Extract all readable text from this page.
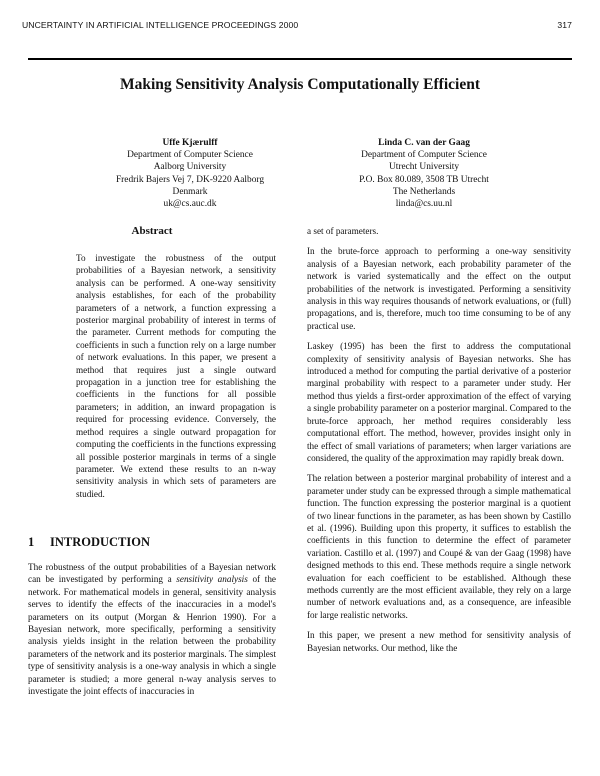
UNCERTAINTY IN ARTIFICIAL INTELLIGENCE PROCEEDINGS 2000	317
Making Sensitivity Analysis Computationally Efficient
Uffe Kjærulff
Department of Computer Science
Aalborg University
Fredrik Bajers Vej 7, DK-9220 Aalborg
Denmark
uk@cs.auc.dk
Linda C. van der Gaag
Department of Computer Science
Utrecht University
P.O. Box 80.089, 3508 TB Utrecht
The Netherlands
linda@cs.uu.nl
Abstract
To investigate the robustness of the output probabilities of a Bayesian network, a sensitivity analysis can be performed. A one-way sensitivity analysis establishes, for each of the probability parameters of a network, a function expressing a posterior marginal probability of interest in terms of the parameter. Current methods for computing the coefficients in such a function rely on a large number of network evaluations. In this paper, we present a method that requires just a single outward propagation in a junction tree for establishing the coefficients in the functions for all possible parameters; in addition, an inward propagation is required for processing evidence. Conversely, the method requires a single outward propagation for computing the coefficients in the functions expressing all possible posterior marginals in terms of a single parameter. We extend these results to an n-way sensitivity analysis in which sets of parameters are studied.
1 INTRODUCTION
The robustness of the output probabilities of a Bayesian network can be investigated by performing a sensitivity analysis of the network. For mathematical models in general, sensitivity analysis serves to identify the effects of the inaccuracies in a model's parameters on its output (Morgan & Henrion 1990). For a Bayesian network, more specifically, performing a sensitivity analysis yields insight in the relation between the probability parameters of the network and its posterior marginals. The simplest type of sensitivity analysis is a one-way analysis in which a single parameter is studied; a more general n-way analysis serves to investigate the joint effects of inaccuracies in

a set of parameters.

In the brute-force approach to performing a one-way sensitivity analysis of a Bayesian network, each probability parameter of the network is varied systematically and the effect on the output probabilities of the network is investigated. Performing a sensitivity analysis in this way requires thousands of network evaluations, or (full) propagations, and is, therefore, much too time consuming to be of any practical use.

Laskey (1995) has been the first to address the computational complexity of sensitivity analysis of Bayesian networks. She has introduced a method for computing the partial derivative of a posterior marginal probability with respect to a parameter under study. Her method thus yields a first-order approximation of the effect of varying a single probability parameter on a posterior marginal. Compared to the brute-force approach, her method requires considerably less computational effort. The method, however, provides insight only in the effect of small variations of parameters; when larger variations are considered, the quality of the approximation may rapidly break down.

The relation between a posterior marginal probability of interest and a parameter under study can be expressed through a simple mathematical function. The function expressing the posterior marginal is a quotient of two linear functions in the parameter, as has been shown by Castillo et al. (1996). Building upon this property, it suffices to establish the coefficients in this function to determine the effect of parameter variation. Castillo et al. (1997) and Coupé & van der Gaag (1998) have designed methods to this end. These methods require a single network evaluation for each coefficient to be established. Although these methods currently are the most efficient available, they rely on a large number of network evaluations and, as a consequence, are infeasible for large realistic networks.

In this paper, we present a new method for sensitivity analysis of Bayesian networks. Our method, like the
